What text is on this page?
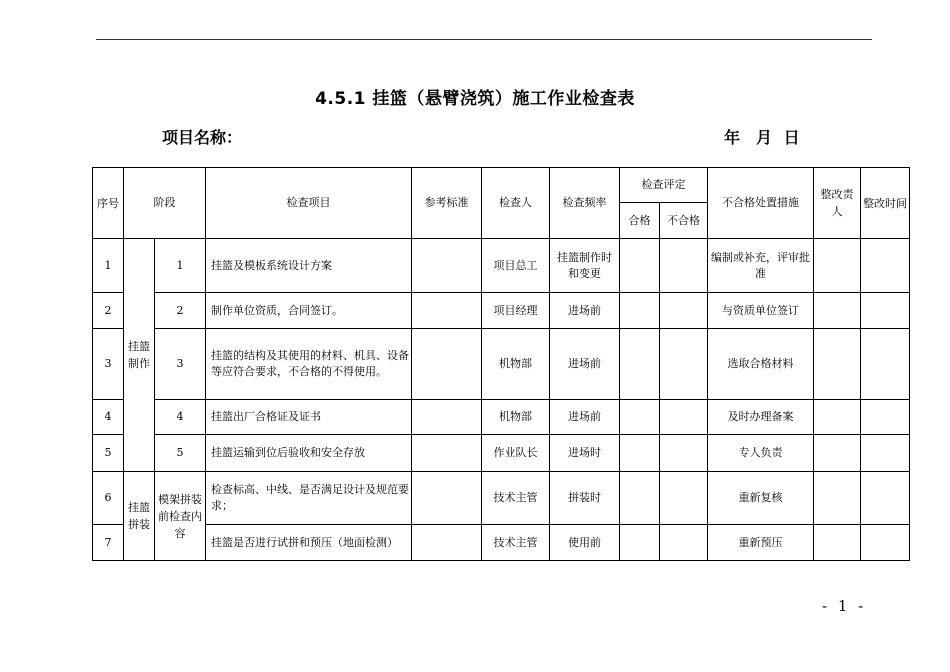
4.5.1 挂篮（悬臂浇筑）施工作业检查表
项目名称：	年　月 日
序号	阶段		检查项目	参考标准	检查人	检查频率	检查评定		不合格处置措施	整改责人	整改时间
							合格	不合格			
1	挂篮制作	1	挂篮及模板系统设计方案		项目总工	挂篮制作时和变更			编制或补充，评审批准		
2		2	制作单位资质，合同签订。		项目经理	进场前			与资质单位签订		
3		3	挂篮的结构及其使用的材料、机具、设备等应符合要求，不合格的不得使用。		机物部	进场前			选取合格材料		
4		4	挂篮出厂合格证及证书		机物部	进场前			及时办理备案		
5		5	挂篮运输到位后验收和安全存放		作业队长	进场时			专人负责		
6	挂篮拼装	模架拼装前检查内容	检查标高、中线、是否满足设计及规范要求；		技术主管	拼装时			重新复核		
7			挂篮是否进行试拼和预压（地面检测）		技术主管	使用前			重新预压		
- 1 -
